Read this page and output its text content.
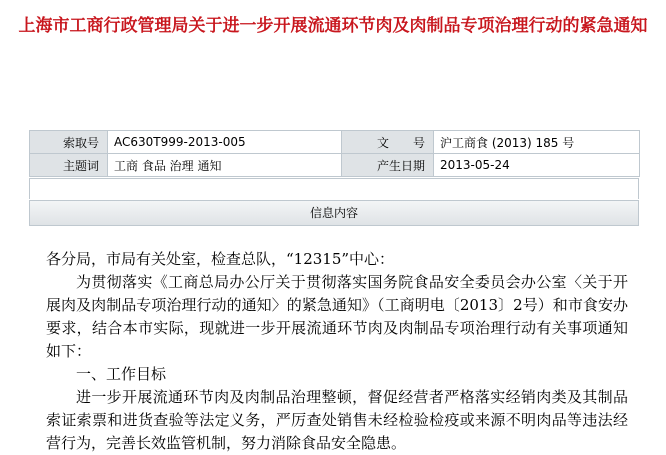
上海市工商行政管理局关于进一步开展流通环节肉及肉制品专项治理行动的紧急通知
索取号	AC630T999-2013-005	文　　号	沪工商食 (2013) 185 号
主题词	工商 食品 治理 通知	产生日期	2013-05-24
信息内容

各分局，市局有关处室，检查总队，“12315”中心：

为贯彻落实《工商总局办公厅关于贯彻落实国务院食品安全委员会办公室〈关于开展肉及肉制品专项治理行动的通知〉的紧急通知》（工商明电〔2013〕2号）和市食安办要求，结合本市实际，现就进一步开展流通环节肉及肉制品专项治理行动有关事项通知如下：

一、工作目标

进一步开展流通环节肉及肉制品治理整顿，督促经营者严格落实经销肉类及其制品索证索票和进货查验等法定义务，严厉查处销售未经检验检疫或来源不明肉品等违法经营行为，完善长效监管机制，努力消除食品安全隐患。
